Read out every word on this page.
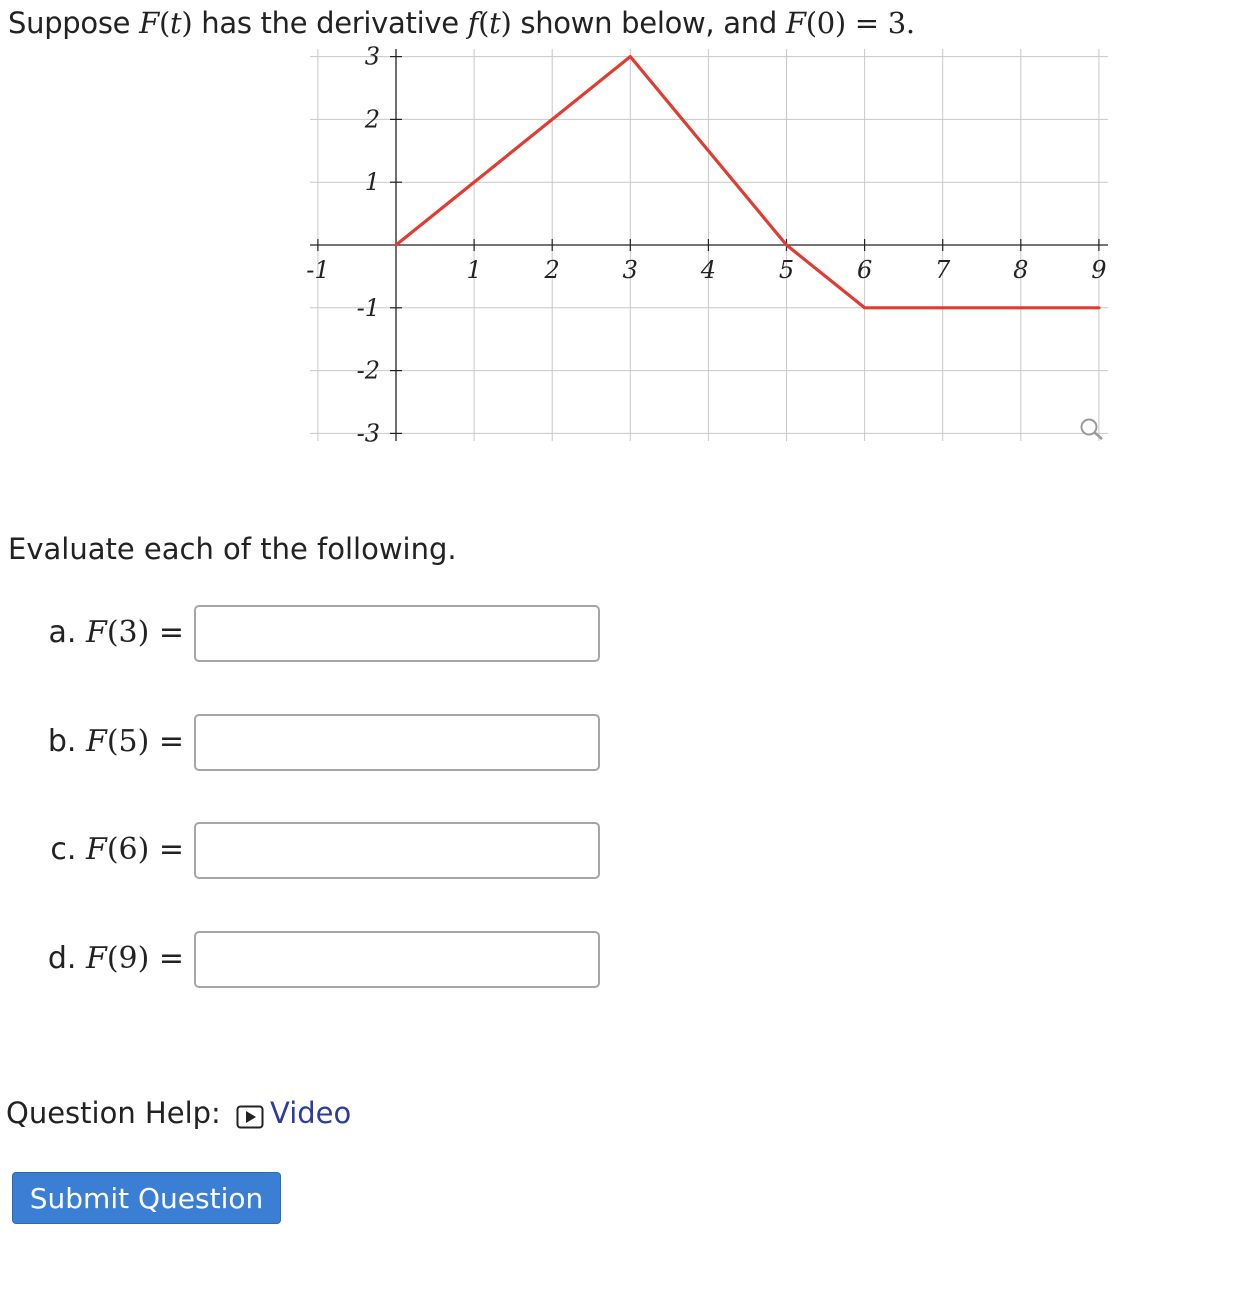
Suppose F(t) has the derivative f(t) shown below, and F(0) = 3.
-1	1	2	3	4	5	6	7	8	9
3
2
1
-1
-2
-3
Evaluate each of the following.
a. F(3) =
b. F(5) =
c. F(6) =
d. F(9) =
Question Help: Video
Submit Question
